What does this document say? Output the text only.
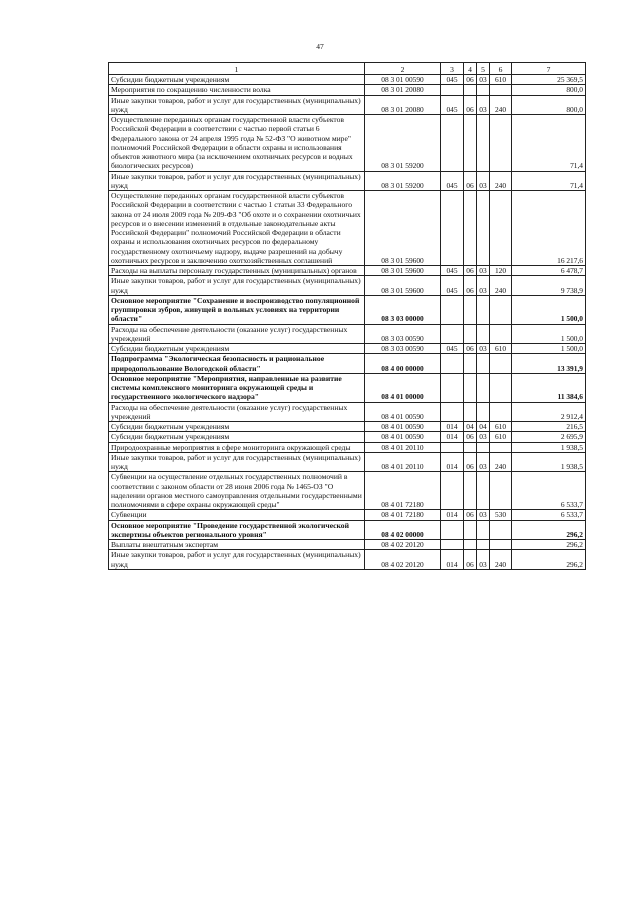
47
1	2	3	4	5	6	7
Субсидии бюджетным учреждениям	08 3 01 00590	045	06	03	610	25 369,5
Мероприятия по сокращению численности волка	08 3 01 20080					800,0
Иные закупки товаров, работ и услуг для государственных (муниципальных) нужд	08 3 01 20080	045	06	03	240	800,0
Осуществление переданных органам государственной власти субъектов Российской Федерации в соответствии с частью первой статьи 6 Федерального закона от 24 апреля 1995 года № 52-ФЗ "О животном мире" полномочий Российской Федерации в области охраны и использования объектов животного мира (за исключением охотничьих ресурсов и водных биологических ресурсов)	08 3 01 59200					71,4
Иные закупки товаров, работ и услуг для государственных (муниципальных) нужд	08 3 01 59200	045	06	03	240	71,4
Осуществление переданных органам государственной власти субъектов Российской Федерации в соответствии с частью 1 статьи 33 Федерального закона от 24 июля 2009 года № 209-ФЗ "Об охоте и о сохранении охотничьих ресурсов и о внесении изменений в отдельные законодательные акты Российской Федерации" полномочий Российской Федерации в области охраны и использования охотничьих ресурсов по федеральному государственному охотничьему надзору, выдаче разрешений на добычу охотничьих ресурсов и заключению охотхозяйственных соглашений	08 3 01 59600					16 217,6
Расходы на выплаты персоналу государственных (муниципальных) органов	08 3 01 59600	045	06	03	120	6 478,7
Иные закупки товаров, работ и услуг для государственных (муниципальных) нужд	08 3 01 59600	045	06	03	240	9 738,9
Основное мероприятие "Сохранение и воспроизводство популяционной группировки зубров, живущей в вольных условиях на территории области"	08 3 03 00000					1 500,0
Расходы на обеспечение деятельности (оказание услуг) государственных учреждений	08 3 03 00590					1 500,0
Субсидии бюджетным учреждениям	08 3 03 00590	045	06	03	610	1 500,0
Подпрограмма "Экологическая безопасность и рациональное природопользование Вологодской области"	08 4 00 00000					13 391,9
Основное мероприятие "Мероприятия, направленные на развитие системы комплексного мониторинга окружающей среды и государственного экологического надзора"	08 4 01 00000					11 384,6
Расходы на обеспечение деятельности (оказание услуг) государственных учреждений	08 4 01 00590					2 912,4
Субсидии бюджетным учреждениям	08 4 01 00590	014	04	04	610	216,5
Субсидии бюджетным учреждениям	08 4 01 00590	014	06	03	610	2 695,9
Природоохранные мероприятия в сфере мониторинга окружающей среды	08 4 01 20110					1 938,5
Иные закупки товаров, работ и услуг для государственных (муниципальных) нужд	08 4 01 20110	014	06	03	240	1 938,5
Субвенции на осуществление отдельных государственных полномочий в соответствии с законом области от 28 июня 2006 года № 1465-ОЗ "О наделении органов местного самоуправления отдельными государственными полномочиями в сфере охраны окружающей среды"	08 4 01 72180					6 533,7
Субвенции	08 4 01 72180	014	06	03	530	6 533,7
Основное мероприятие "Проведение государственной экологической экспертизы объектов регионального уровня"	08 4 02 00000					296,2
Выплаты внештатным экспертам	08 4 02 20120					296,2
Иные закупки товаров, работ и услуг для государственных (муниципальных) нужд	08 4 02 20120	014	06	03	240	296,2
